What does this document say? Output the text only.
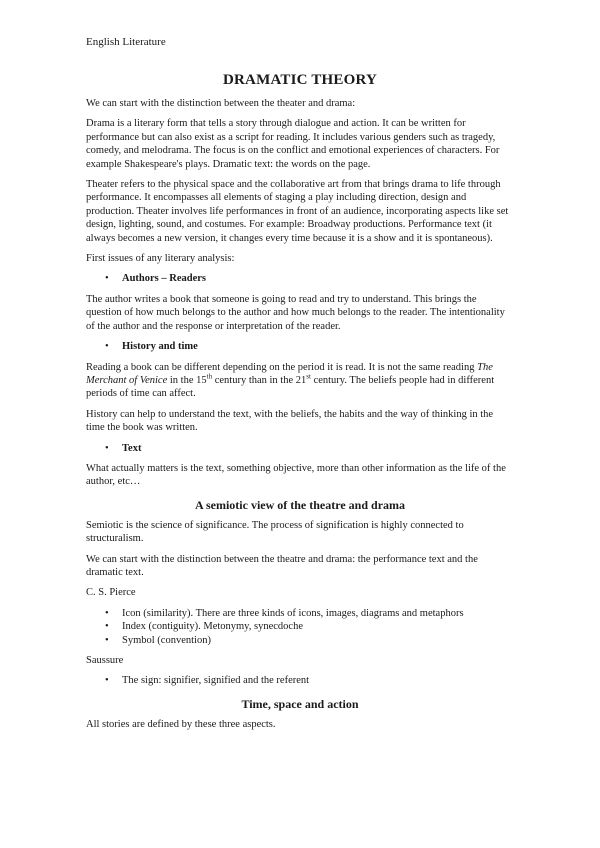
English Literature
DRAMATIC THEORY

We can start with the distinction between the theater and drama:

Drama is a literary form that tells a story through dialogue and action. It can be written for performance but can also exist as a script for reading. It includes various genders such as tragedy, comedy, and melodrama. The focus is on the conflict and emotional experiences of characters. For example Shakespeare's plays. Dramatic text: the words on the page.

Theater refers to the physical space and the collaborative art from that brings drama to life through performance. It encompasses all elements of staging a play including direction, design and production. Theater involves life performances in front of an audience, incorporating aspects like set design, lighting, sound, and costumes. For example: Broadway productions. Performance text (it always becomes a new version, it changes every time because it is a show and it is spontaneous).

First issues of any literary analysis:

• Authors – Readers

The author writes a book that someone is going to read and try to understand. This brings the question of how much belongs to the author and how much belongs to the reader. The intentionality of the author and the response or interpretation of the reader.

• History and time

Reading a book can be different depending on the period it is read. It is not the same reading The Merchant of Venice in the 15th century than in the 21st century. The beliefs people had in different periods of time can affect.

History can help to understand the text, with the beliefs, the habits and the way of thinking in the time the book was written.

• Text

What actually matters is the text, something objective, more than other information as the life of the author, etc…

A semiotic view of the theatre and drama

Semiotic is the science of significance. The process of signification is highly connected to structuralism.

We can start with the distinction between the theatre and drama: the performance text and the dramatic text.

C. S. Pierce

• Icon (similarity). There are three kinds of icons, images, diagrams and metaphors
• Index (contiguity). Metonymy, synecdoche
• Symbol (convention)

Saussure

• The sign: signifier, signified and the referent
Time, space and action

All stories are defined by these three aspects.
